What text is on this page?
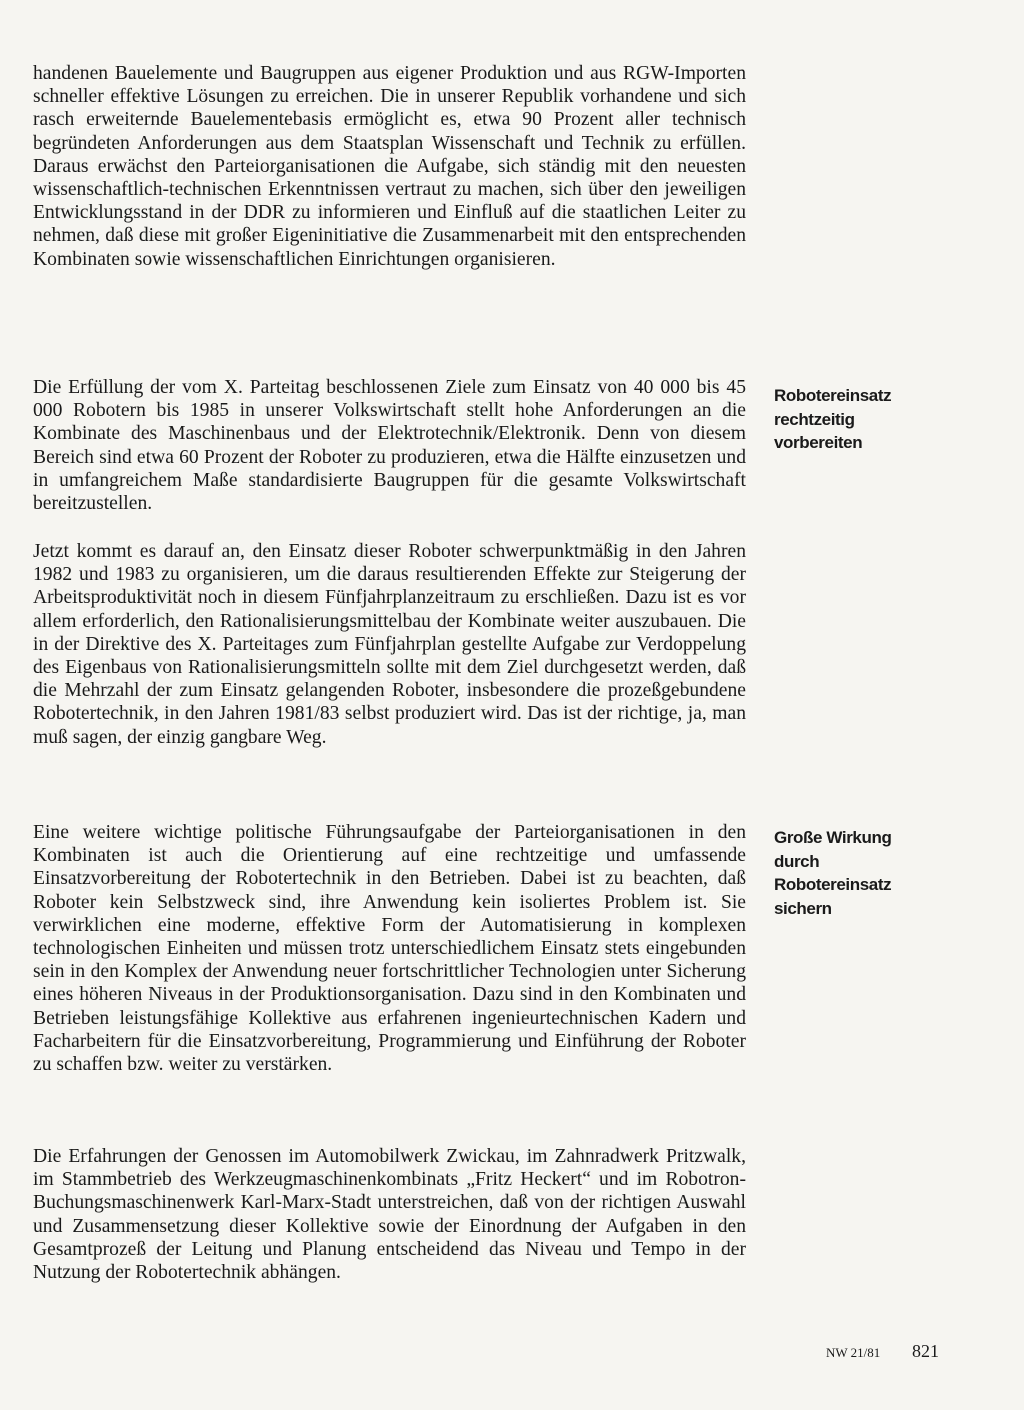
handenen Bauelemente und Baugruppen aus eigener Produktion und aus RGW-Importen schneller effektive Lösungen zu erreichen. Die in unserer Republik vorhandene und sich rasch erweiternde Bauelementebasis ermöglicht es, etwa 90 Prozent aller technisch begründeten Anforderungen aus dem Staatsplan Wissenschaft und Technik zu erfüllen. Daraus erwächst den Parteiorganisationen die Aufgabe, sich ständig mit den neuesten wissenschaftlich-technischen Erkenntnissen vertraut zu machen, sich über den jeweiligen Entwicklungsstand in der DDR zu informieren und Einfluß auf die staatlichen Leiter zu nehmen, daß diese mit großer Eigeninitiative die Zusammenarbeit mit den entsprechenden Kombinaten sowie wissenschaftlichen Einrichtungen organisieren.

Robotereinsatz rechtzeitig vorbereiten

Die Erfüllung der vom X. Parteitag beschlossenen Ziele zum Einsatz von 40 000 bis 45 000 Robotern bis 1985 in unserer Volkswirtschaft stellt hohe Anforderungen an die Kombinate des Maschinenbaus und der Elektrotechnik/Elektronik. Denn von diesem Bereich sind etwa 60 Prozent der Roboter zu produzieren, etwa die Hälfte einzusetzen und in umfangreichem Maße standardisierte Baugruppen für die gesamte Volkswirtschaft bereitzustellen.

Jetzt kommt es darauf an, den Einsatz dieser Roboter schwerpunktmäßig in den Jahren 1982 und 1983 zu organisieren, um die daraus resultierenden Effekte zur Steigerung der Arbeitsproduktivität noch in diesem Fünfjahrplanzeitraum zu erschließen. Dazu ist es vor allem erforderlich, den Rationalisierungsmittelbau der Kombinate weiter auszubauen. Die in der Direktive des X. Parteitages zum Fünfjahrplan gestellte Aufgabe zur Verdoppelung des Eigenbaus von Rationalisierungsmitteln sollte mit dem Ziel durchgesetzt werden, daß die Mehrzahl der zum Einsatz gelangenden Roboter, insbesondere die prozeßgebundene Robotertechnik, in den Jahren 1981/83 selbst produziert wird. Das ist der richtige, ja, man muß sagen, der einzig gangbare Weg.

Große Wirkung durch Robotereinsatz sichern

Eine weitere wichtige politische Führungsaufgabe der Parteiorganisationen in den Kombinaten ist auch die Orientierung auf eine rechtzeitige und umfassende Einsatzvorbereitung der Robotertechnik in den Betrieben. Dabei ist zu beachten, daß Roboter kein Selbstzweck sind, ihre Anwendung kein isoliertes Problem ist. Sie verwirklichen eine moderne, effektive Form der Automatisierung in komplexen technologischen Einheiten und müssen trotz unterschiedlichem Einsatz stets eingebunden sein in den Komplex der Anwendung neuer fortschrittlicher Technologien unter Sicherung eines höheren Niveaus in der Produktionsorganisation. Dazu sind in den Kombinaten und Betrieben leistungsfähige Kollektive aus erfahrenen ingenieurtechnischen Kadern und Facharbeitern für die Einsatzvorbereitung, Programmierung und Einführung der Roboter zu schaffen bzw. weiter zu verstärken.

Die Erfahrungen der Genossen im Automobilwerk Zwickau, im Zahnradwerk Pritzwalk, im Stammbetrieb des Werkzeugmaschinenkombinats „Fritz Heckert“ und im Robotron-Buchungsmaschinenwerk Karl-Marx-Stadt unterstreichen, daß von der richtigen Auswahl und Zusammensetzung dieser Kollektive sowie der Einordnung der Aufgaben in den Gesamtprozeß der Leitung und Planung entscheidend das Niveau und Tempo in der Nutzung der Robotertechnik abhängen.

NW 21/81 821
